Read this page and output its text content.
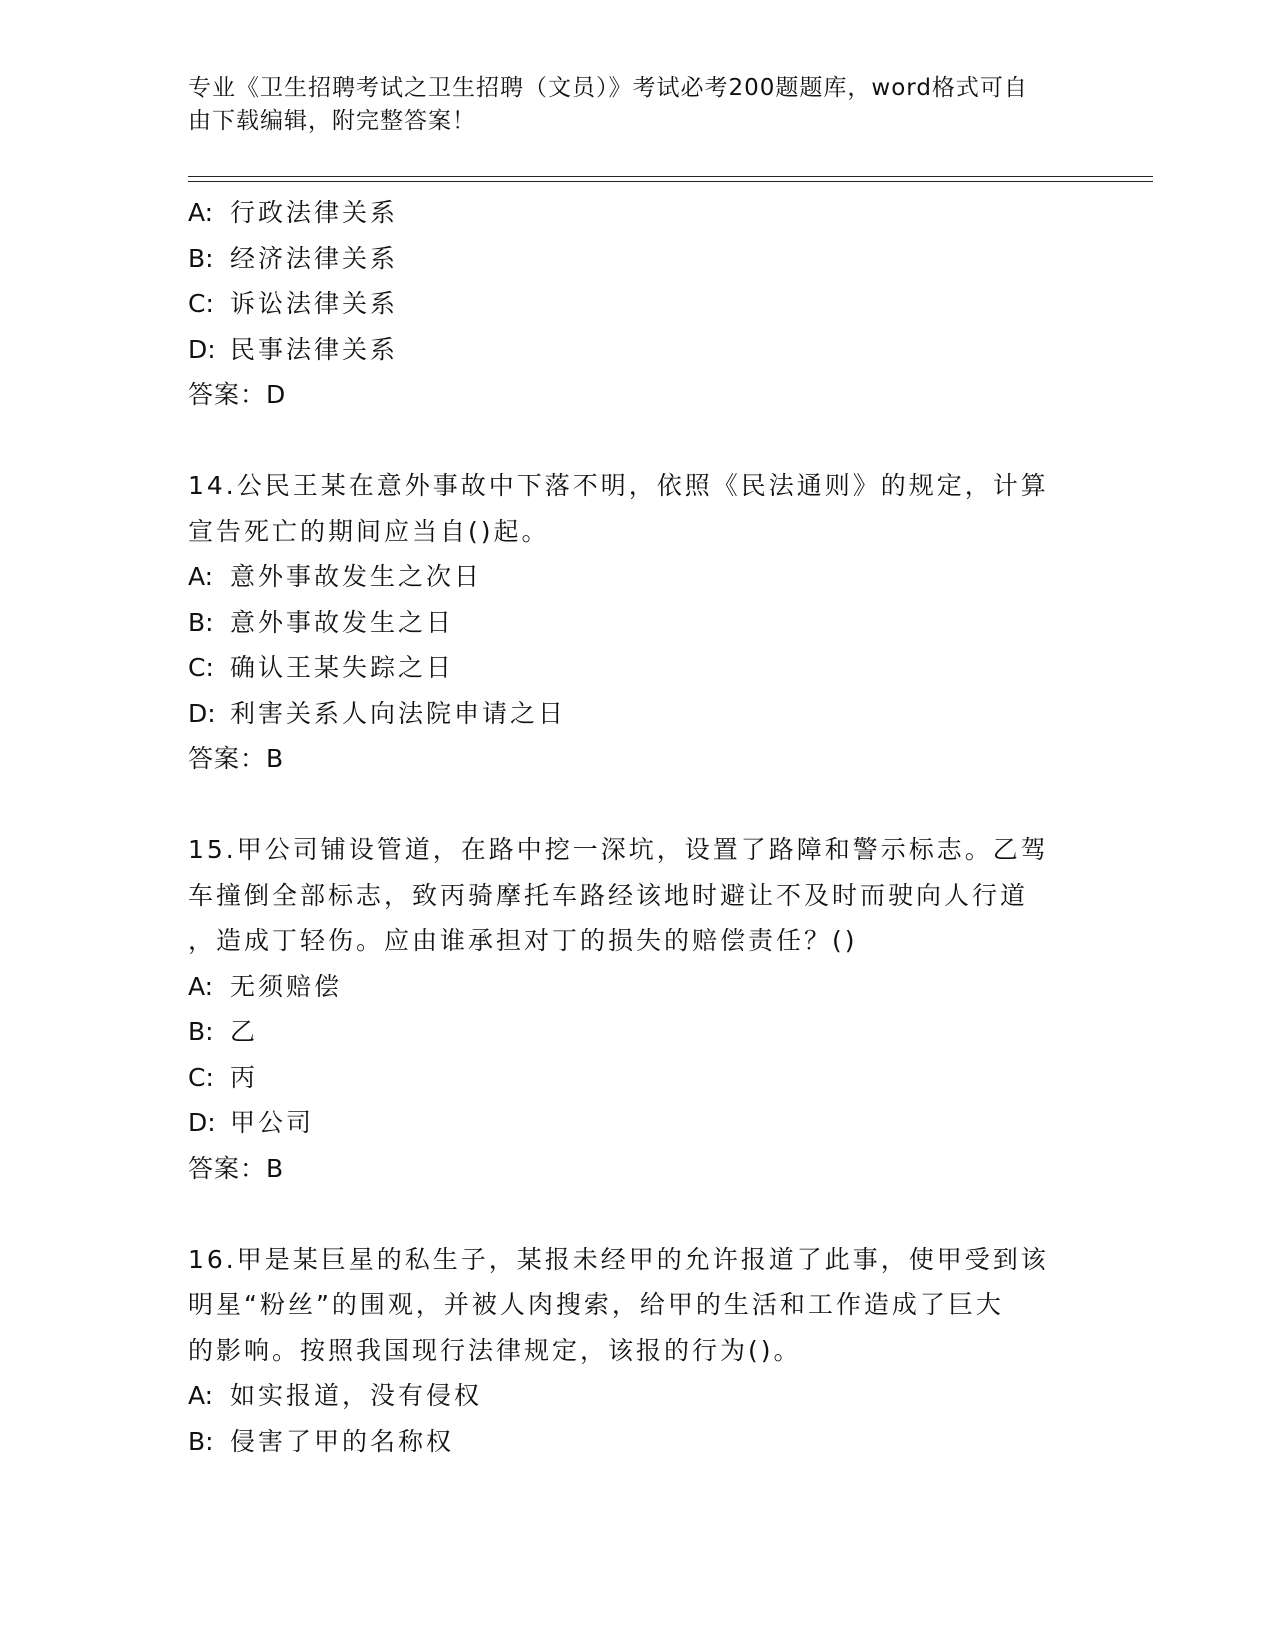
专业《卫生招聘考试之卫生招聘（文员）》考试必考200题题库，word格式可自
由下载编辑，附完整答案！
A: 行政法律关系
B: 经济法律关系
C: 诉讼法律关系
D: 民事法律关系
答案：D
14.公民王某在意外事故中下落不明，依照《民法通则》的规定，计算
宣告死亡的期间应当自()起。
A: 意外事故发生之次日
B: 意外事故发生之日
C: 确认王某失踪之日
D: 利害关系人向法院申请之日
答案：B
15.甲公司铺设管道，在路中挖一深坑，设置了路障和警示标志。乙驾
车撞倒全部标志，致丙骑摩托车路经该地时避让不及时而驶向人行道
，造成丁轻伤。应由谁承担对丁的损失的赔偿责任？()
A: 无须赔偿
B: 乙
C: 丙
D: 甲公司
答案：B
16.甲是某巨星的私生子，某报未经甲的允许报道了此事，使甲受到该
明星“粉丝”的围观，并被人肉搜索，给甲的生活和工作造成了巨大
的影响。按照我国现行法律规定，该报的行为()。
A: 如实报道，没有侵权
B: 侵害了甲的名称权
